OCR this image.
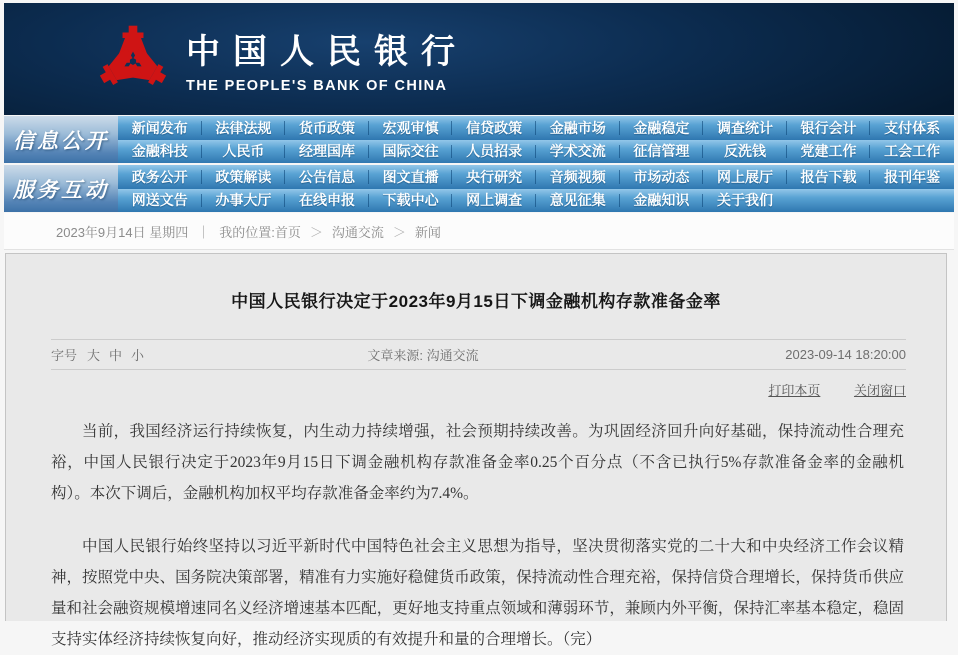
中国人民银行
THE PEOPLE'S BANK OF CHINA
信息公开
新闻发布	法律法规	货币政策	宏观审慎	信贷政策	金融市场	金融稳定	调查统计	银行会计	支付体系
金融科技	人民币	经理国库	国际交往	人员招录	学术交流	征信管理	反洗钱	党建工作	工会工作
服务互动
政务公开	政策解读	公告信息	图文直播	央行研究	音频视频	市场动态	网上展厅	报告下载	报刊年鉴
网送文告	办事大厅	在线申报	下载中心	网上调查	意见征集	金融知识	关于我们
2023年9月14日 星期四 ｜ 我的位置:首页 ＞ 沟通交流 ＞ 新闻
中国人民银行决定于2023年9月15日下调金融机构存款准备金率
字号 大 中 小	文章来源: 沟通交流	2023-09-14 18:20:00
打印本页	关闭窗口

当前，我国经济运行持续恢复，内生动力持续增强，社会预期持续改善。为巩固经济回升向好基础，保持流动性合理充裕，中国人民银行决定于2023年9月15日下调金融机构存款准备金率0.25个百分点（不含已执行5%存款准备金率的金融机构）。本次下调后，金融机构加权平均存款准备金率约为7.4%。

中国人民银行始终坚持以习近平新时代中国特色社会主义思想为指导，坚决贯彻落实党的二十大和中央经济工作会议精神，按照党中央、国务院决策部署，精准有力实施好稳健货币政策，保持流动性合理充裕，保持信贷合理增长，保持货币供应量和社会融资规模增速同名义经济增速基本匹配，更好地支持重点领域和薄弱环节，兼顾内外平衡，保持汇率基本稳定，稳固支持实体经济持续恢复向好，推动经济实现质的有效提升和量的合理增长。（完）
